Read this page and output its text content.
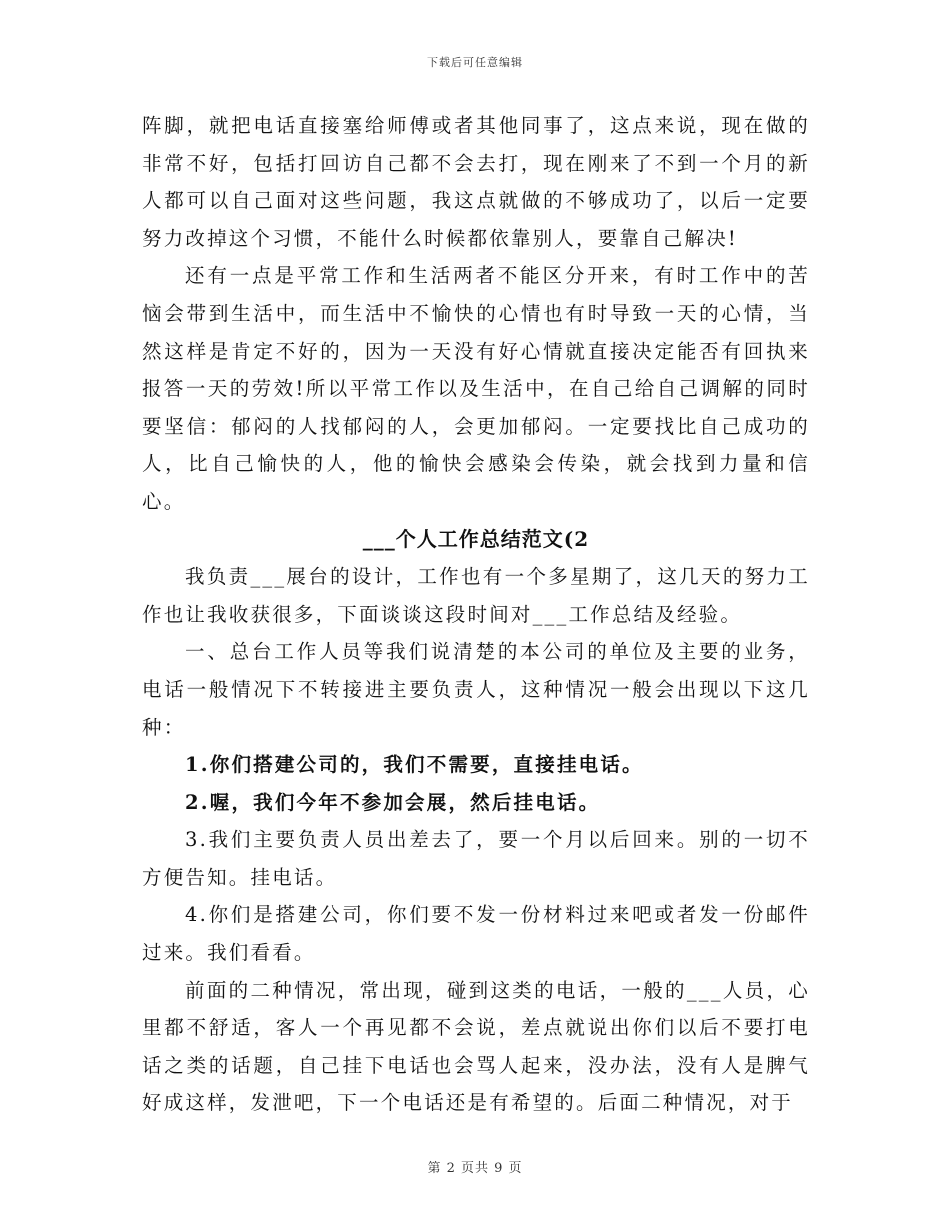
下载后可任意编辑

阵脚，就把电话直接塞给师傅或者其他同事了，这点来说，现在做的非常不好，包括打回访自己都不会去打，现在刚来了不到一个月的新人都可以自己面对这些问题，我这点就做的不够成功了，以后一定要努力改掉这个习惯，不能什么时候都依靠别人，要靠自己解决!

还有一点是平常工作和生活两者不能区分开来，有时工作中的苦恼会带到生活中，而生活中不愉快的心情也有时导致一天的心情，当然这样是肯定不好的，因为一天没有好心情就直接决定能否有回执来报答一天的劳效!所以平常工作以及生活中，在自己给自己调解的同时要坚信：郁闷的人找郁闷的人，会更加郁闷。一定要找比自己成功的人，比自己愉快的人，他的愉快会感染会传染，就会找到力量和信心。

___个人工作总结范文(2

我负责___展台的设计，工作也有一个多星期了，这几天的努力工作也让我收获很多，下面谈谈这段时间对___工作总结及经验。

一、总台工作人员等我们说清楚的本公司的单位及主要的业务，电话一般情况下不转接进主要负责人，这种情况一般会出现以下这几种：

1.你们搭建公司的，我们不需要，直接挂电话。

2.喔，我们今年不参加会展，然后挂电话。

3.我们主要负责人员出差去了，要一个月以后回来。别的一切不方便告知。挂电话。

4.你们是搭建公司，你们要不发一份材料过来吧或者发一份邮件过来。我们看看。

前面的二种情况，常出现，碰到这类的电话，一般的___人员，心里都不舒适，客人一个再见都不会说，差点就说出你们以后不要打电话之类的话题，自己挂下电话也会骂人起来，没办法，没有人是脾气好成这样，发泄吧，下一个电话还是有希望的。后面二种情况，对于

第 2 页共 9 页
